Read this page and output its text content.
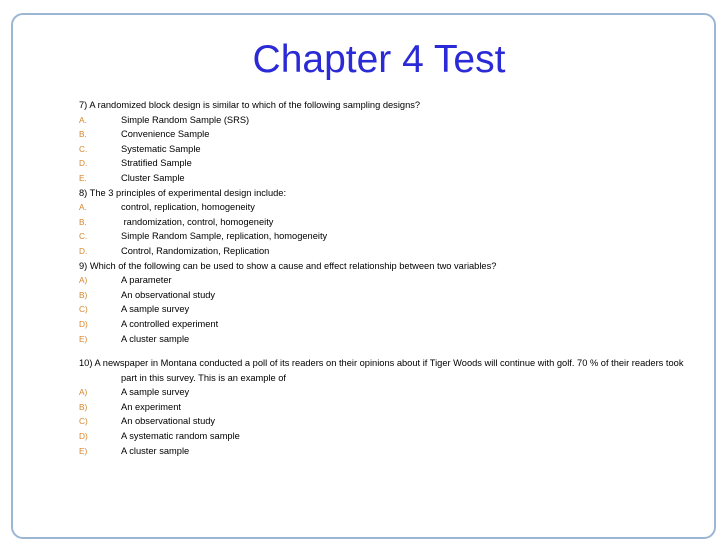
Chapter 4 Test
7) A randomized block design is similar to which of the following sampling designs?
A.	Simple Random Sample (SRS)
B.	Convenience Sample
C.	Systematic Sample
D.	Stratified Sample
E.	Cluster Sample
8) The 3 principles of experimental design include:
A.	control, replication, homogeneity
B.	randomization, control, homogeneity
C.	Simple Random Sample, replication, homogeneity
D.	Control, Randomization, Replication
9) Which of the following can be used to show a cause and effect relationship between two variables?
A)	A parameter
B)	An observational study
C)	A sample survey
D)	A controlled experiment
E)	A cluster sample
10) A newspaper in Montana conducted a poll of its readers on their opinions about if Tiger Woods will continue with golf. 70 % of their readers took
part in this survey. This is an example of
A)	A sample survey
B)	An experiment
C)	An observational study
D)	A systematic random sample
E)	A cluster sample
